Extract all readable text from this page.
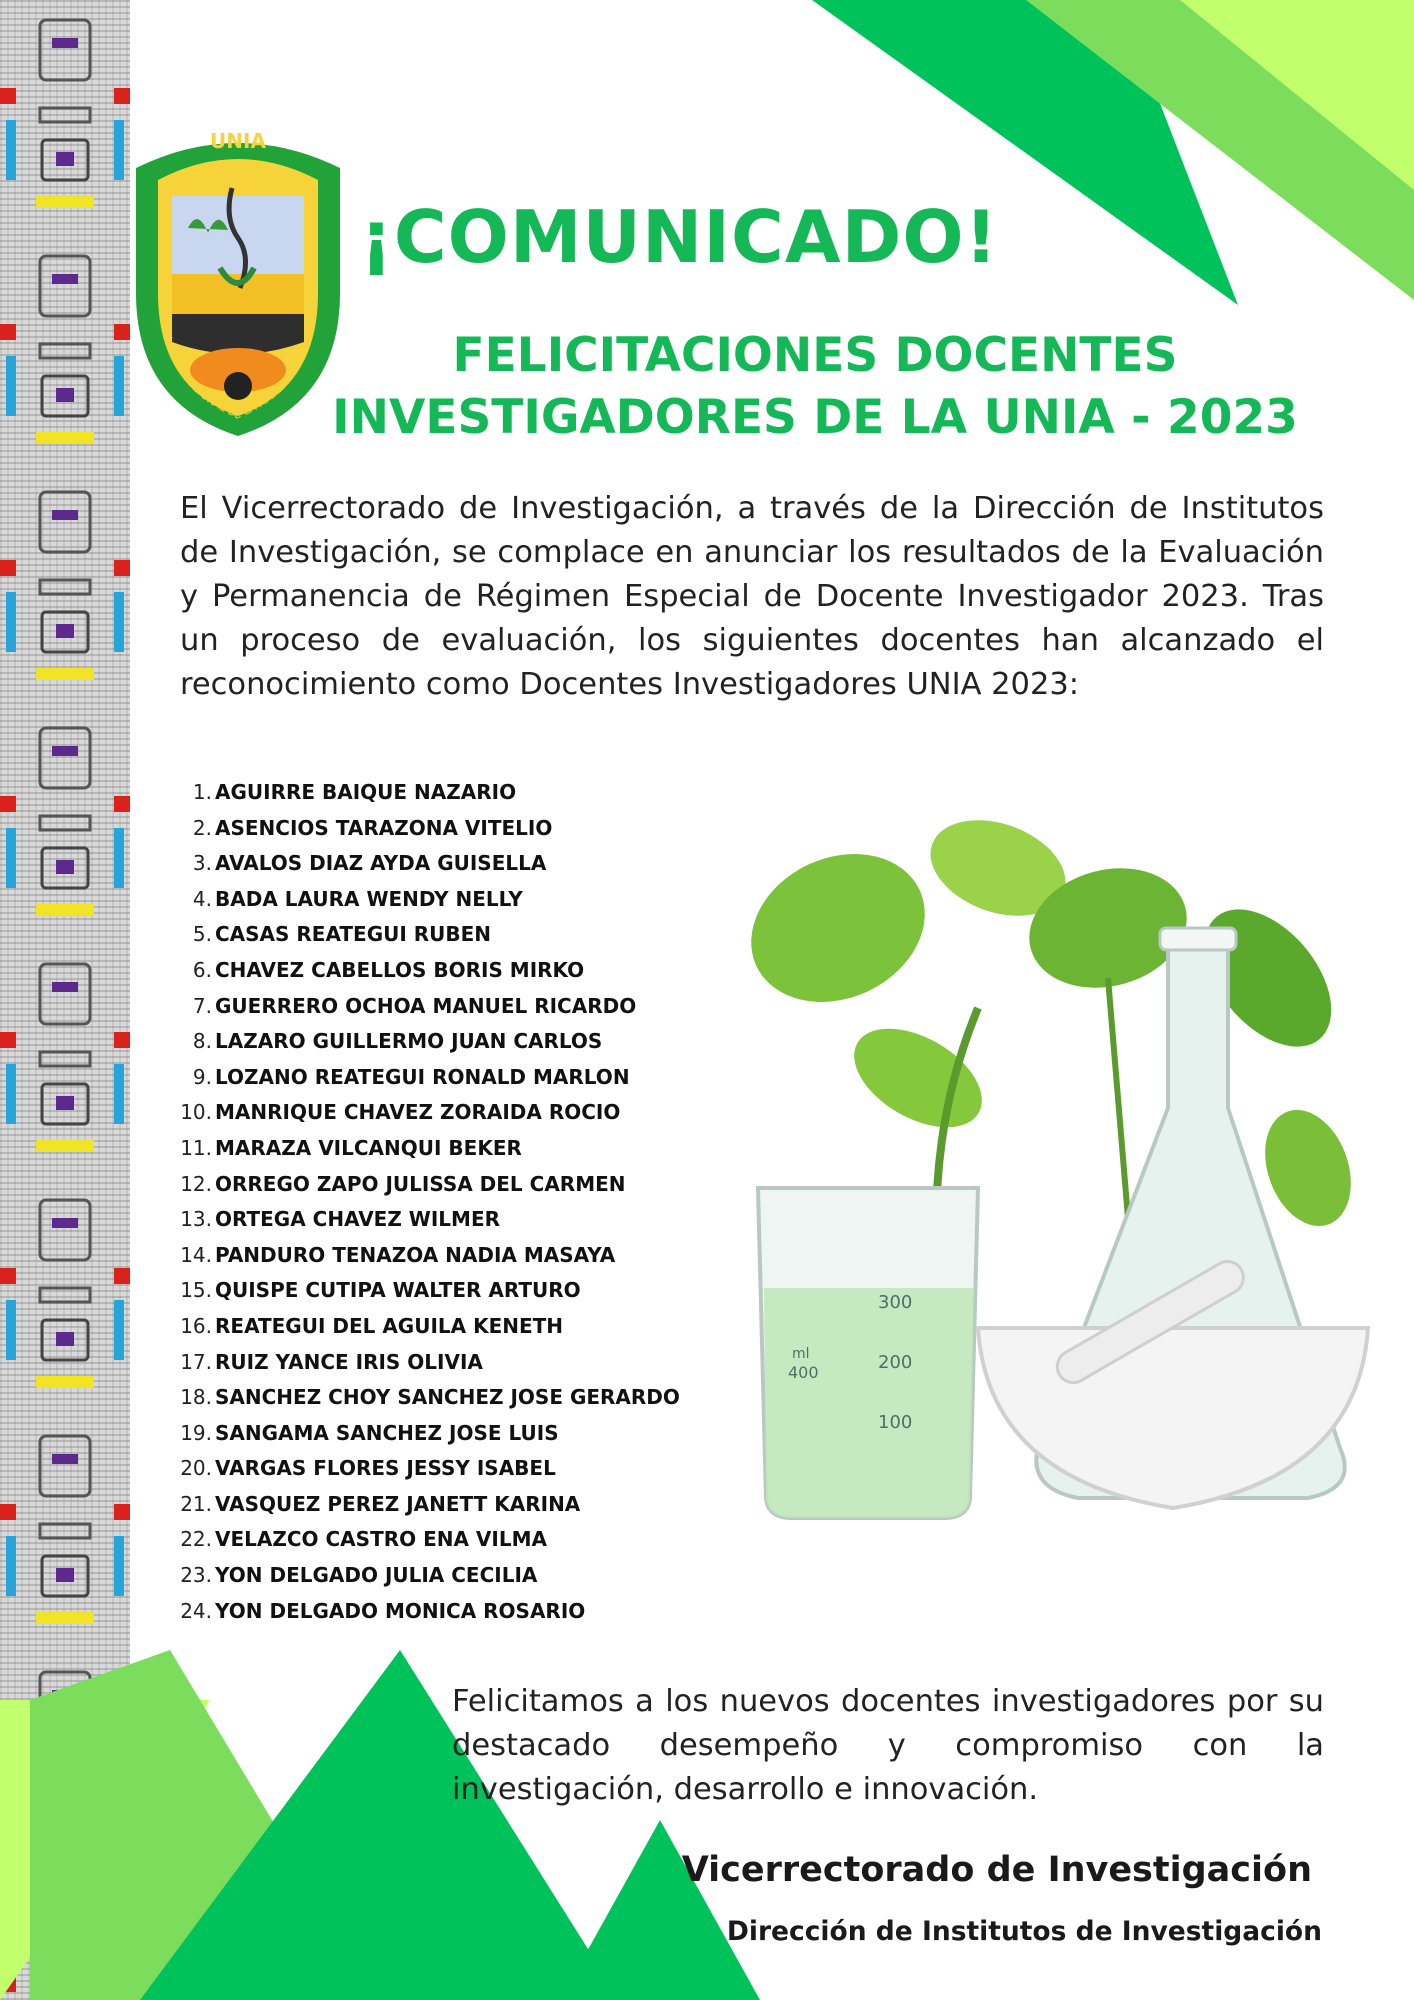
UNIA
UNIVERSIDAD NACIONAL INTERCULTURAL DE LA AMAZONIA
¡COMUNICADO!
FELICITACIONES DOCENTES
INVESTIGADORES DE LA UNIA - 2023

El Vicerrectorado de Investigación, a través de la Dirección de Institutos de Investigación, se complace en anunciar los resultados de la Evaluación y Permanencia de Régimen Especial de Docente Investigador 2023. Tras un proceso de evaluación, los siguientes docentes han alcanzado el reconocimiento como Docentes Investigadores UNIA 2023:

1. AGUIRRE BAIQUE NAZARIO
2. ASENCIOS TARAZONA VITELIO
3. AVALOS DIAZ AYDA GUISELLA
4. BADA LAURA WENDY NELLY
5. CASAS REATEGUI RUBEN
6. CHAVEZ CABELLOS BORIS MIRKO
7. GUERRERO OCHOA MANUEL RICARDO
8. LAZARO GUILLERMO JUAN CARLOS
9. LOZANO REATEGUI RONALD MARLON
10. MANRIQUE CHAVEZ ZORAIDA ROCIO
11. MARAZA VILCANQUI BEKER
12. ORREGO ZAPO JULISSA DEL CARMEN
13. ORTEGA CHAVEZ WILMER
14. PANDURO TENAZOA NADIA MASAYA
15. QUISPE CUTIPA WALTER ARTURO
16. REATEGUI DEL AGUILA KENETH
17. RUIZ YANCE IRIS OLIVIA
18. SANCHEZ CHOY SANCHEZ JOSE GERARDO
19. SANGAMA SANCHEZ JOSE LUIS
20. VARGAS FLORES JESSY ISABEL
21. VASQUEZ PEREZ JANETT KARINA
22. VELAZCO CASTRO ENA VILMA
23. YON DELGADO JULIA CECILIA
24. YON DELGADO MONICA ROSARIO
300
200
100
ml
400

Felicitamos a los nuevos docentes investigadores por su destacado desempeño y compromiso con la investigación, desarrollo e innovación.

Vicerrectorado de Investigación

Dirección de Institutos de Investigación
